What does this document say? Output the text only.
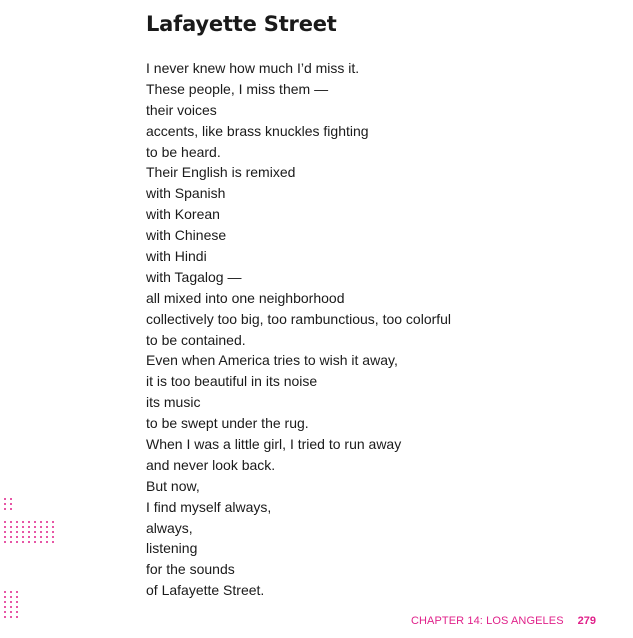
Lafayette Street
I never knew how much I’d miss it.
These people, I miss them —
their voices
accents, like brass knuckles fighting
to be heard.
Their English is remixed
with Spanish
with Korean
with Chinese
with Hindi
with Tagalog —
all mixed into one neighborhood
collectively too big, too rambunctious, too colorful
to be contained.
Even when America tries to wish it away,
it is too beautiful in its noise
its music
to be swept under the rug.
When I was a little girl, I tried to run away
and never look back.
But now,
I find myself always,
always,
listening
for the sounds
of Lafayette Street.
CHAPTER 14: LOS ANGELES 279
